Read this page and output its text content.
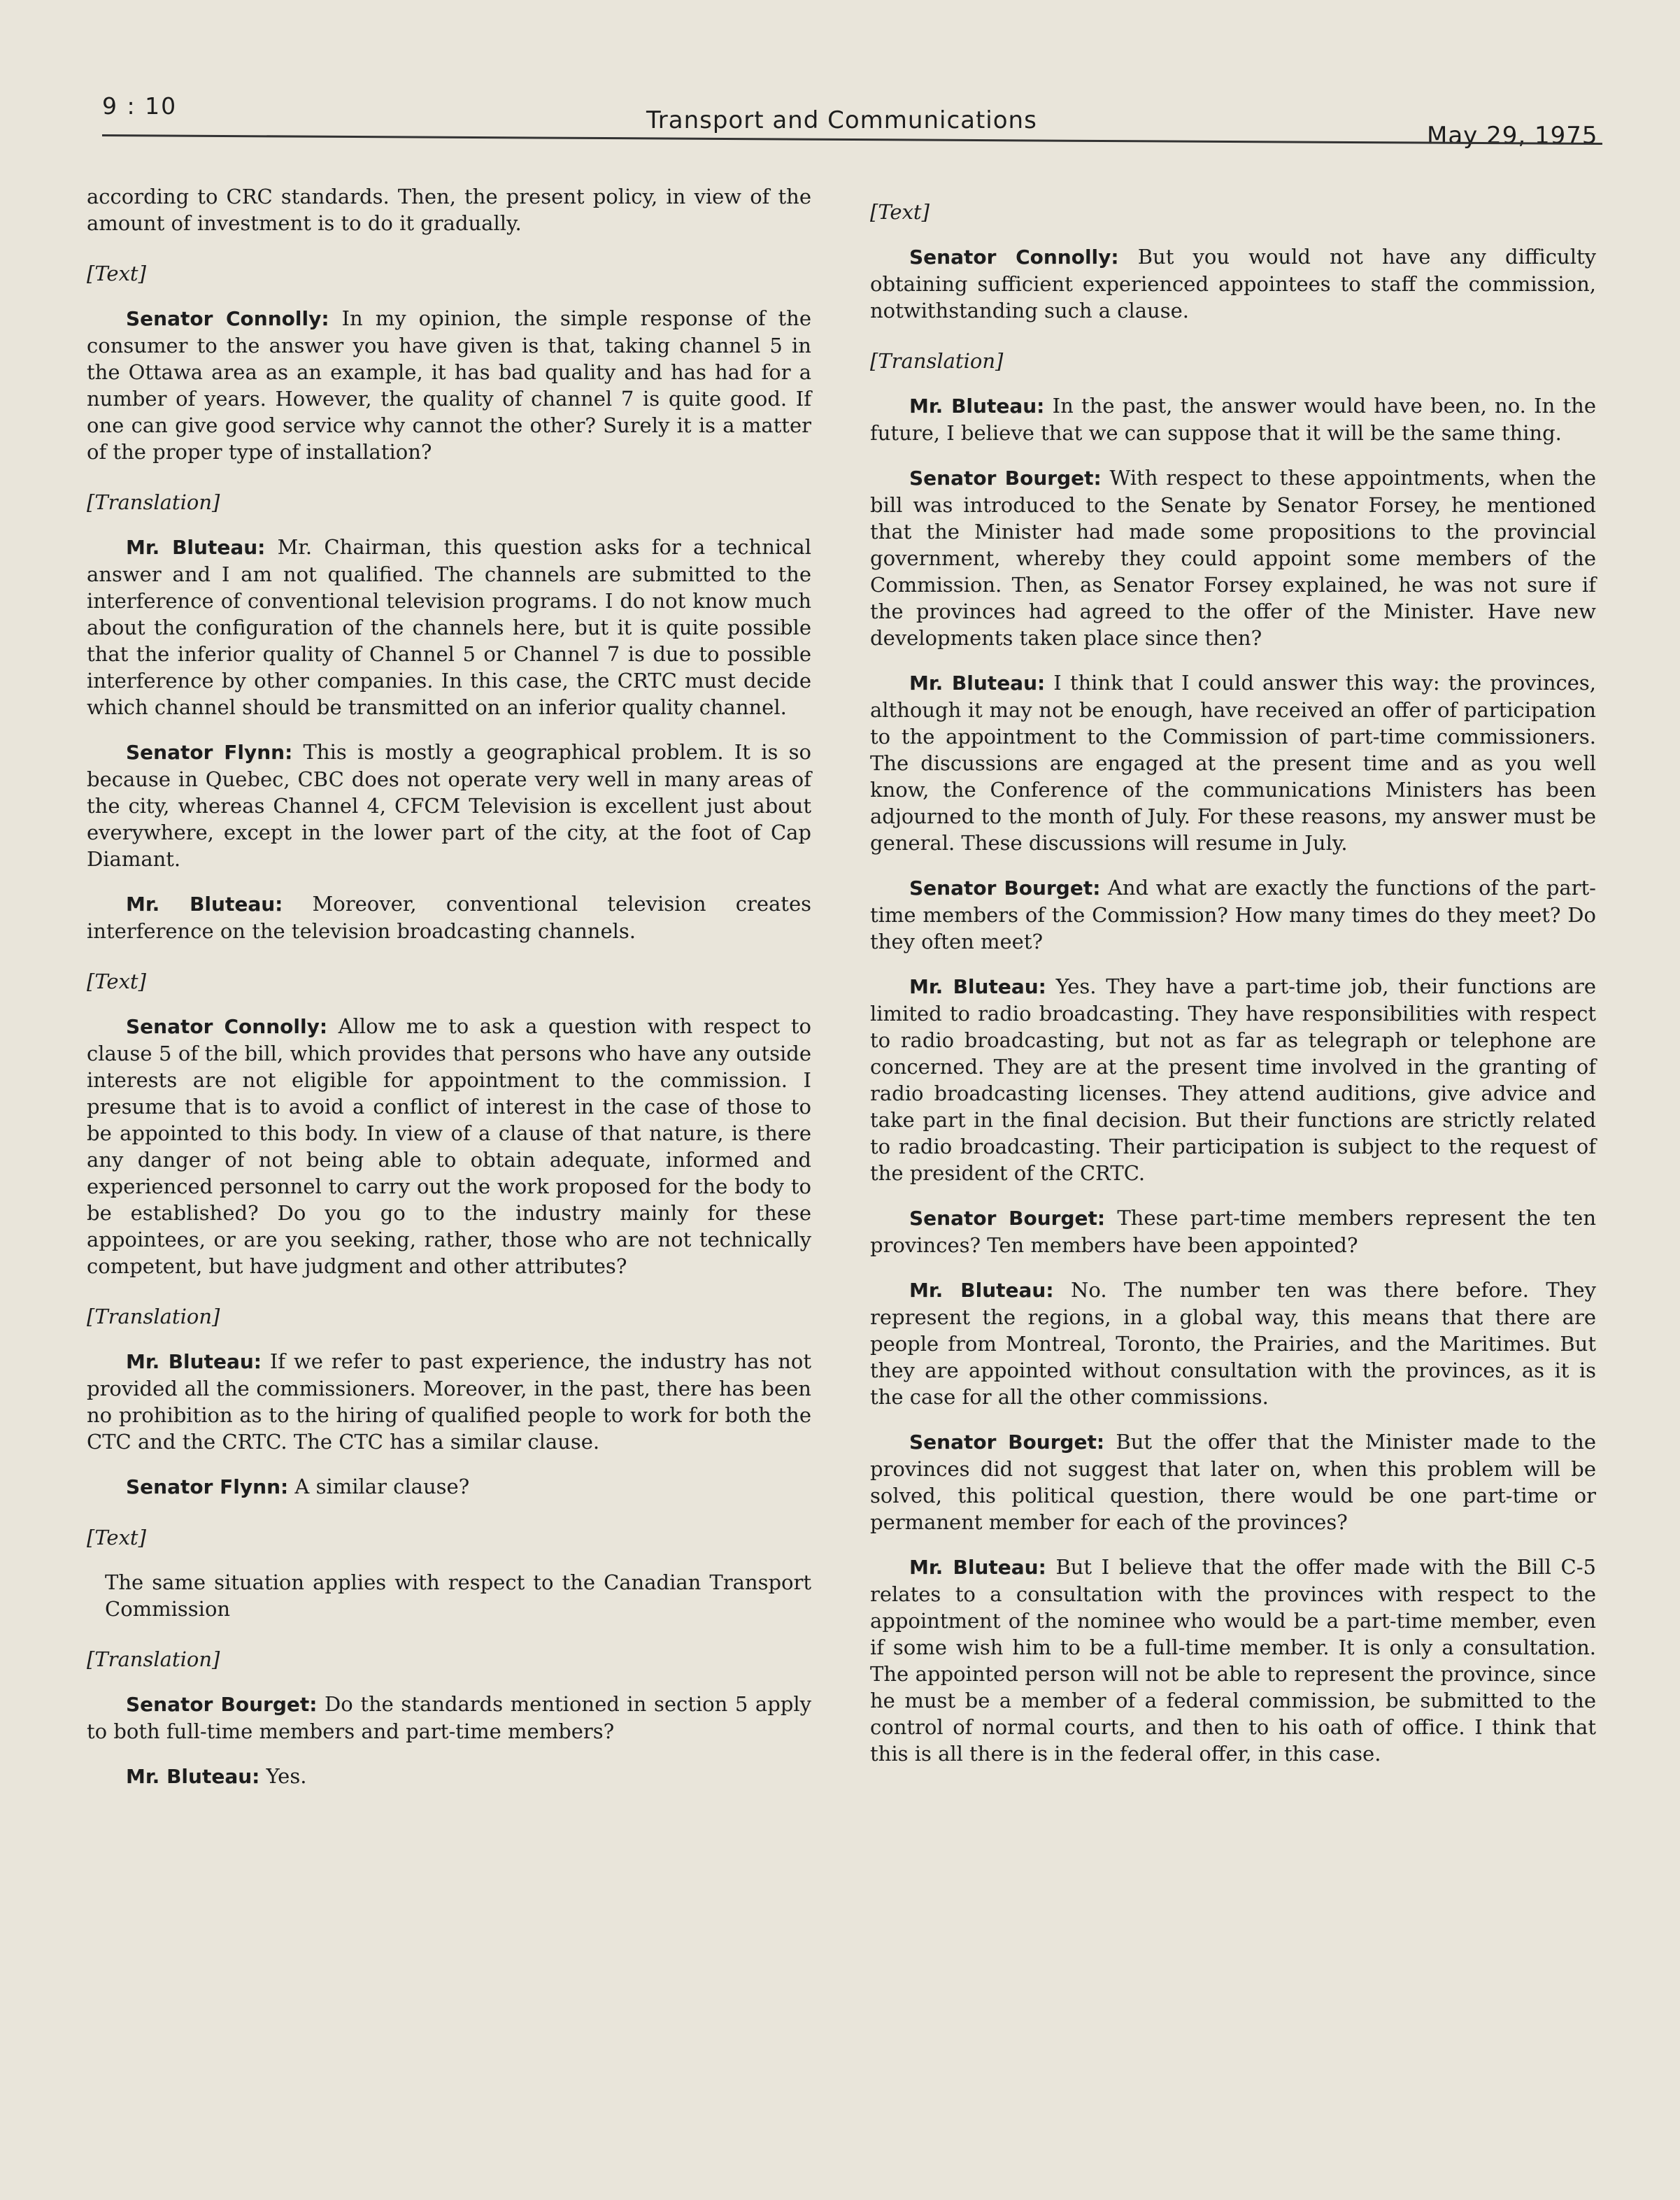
9 : 10
Transport and Communications
May 29, 1975

according to CRC standards. Then, the present policy, in view of the amount of investment is to do it gradually.

[Text]

Senator Connolly: In my opinion, the simple response of the consumer to the answer you have given is that, taking channel 5 in the Ottawa area as an example, it has bad quality and has had for a number of years. However, the quality of channel 7 is quite good. If one can give good service why cannot the other? Surely it is a matter of the proper type of installation?

[Translation]

Mr. Bluteau: Mr. Chairman, this question asks for a technical answer and I am not qualified. The channels are submitted to the interference of conventional television programs. I do not know much about the configuration of the channels here, but it is quite possible that the inferior quality of Channel 5 or Channel 7 is due to possible interference by other companies. In this case, the CRTC must decide which channel should be transmitted on an inferior quality channel.

Senator Flynn: This is mostly a geographical problem. It is so because in Quebec, CBC does not operate very well in many areas of the city, whereas Channel 4, CFCM Television is excellent just about everywhere, except in the lower part of the city, at the foot of Cap Diamant.

Mr. Bluteau: Moreover, conventional television creates interference on the television broadcasting channels.

[Text]

Senator Connolly: Allow me to ask a question with respect to clause 5 of the bill, which provides that persons who have any outside interests are not eligible for appointment to the commission. I presume that is to avoid a conflict of interest in the case of those to be appointed to this body. In view of a clause of that nature, is there any danger of not being able to obtain adequate, informed and experienced personnel to carry out the work proposed for the body to be established? Do you go to the industry mainly for these appointees, or are you seeking, rather, those who are not technically competent, but have judgment and other attributes?

[Translation]

Mr. Bluteau: If we refer to past experience, the industry has not provided all the commissioners. Moreover, in the past, there has been no prohibition as to the hiring of qualified people to work for both the CTC and the CRTC. The CTC has a similar clause.

Senator Flynn: A similar clause?

[Text]

The same situation applies with respect to the Canadian Transport Commission

[Translation]

Senator Bourget: Do the standards mentioned in section 5 apply to both full-time members and part-time members?

Mr. Bluteau: Yes.

[Text]

Senator Connolly: But you would not have any difficulty obtaining sufficient experienced appointees to staff the commission, notwithstanding such a clause.

[Translation]

Mr. Bluteau: In the past, the answer would have been, no. In the future, I believe that we can suppose that it will be the same thing.

Senator Bourget: With respect to these appointments, when the bill was introduced to the Senate by Senator Forsey, he mentioned that the Minister had made some propositions to the provincial government, whereby they could appoint some members of the Commission. Then, as Senator Forsey explained, he was not sure if the provinces had agreed to the offer of the Minister. Have new developments taken place since then?

Mr. Bluteau: I think that I could answer this way: the provinces, although it may not be enough, have received an offer of participation to the appointment to the Commission of part-time commissioners. The discussions are engaged at the present time and as you well know, the Conference of the communications Ministers has been adjourned to the month of July. For these reasons, my answer must be general. These discussions will resume in July.

Senator Bourget: And what are exactly the functions of the part-time members of the Commission? How many times do they meet? Do they often meet?

Mr. Bluteau: Yes. They have a part-time job, their functions are limited to radio broadcasting. They have responsibilities with respect to radio broadcasting, but not as far as telegraph or telephone are concerned. They are at the present time involved in the granting of radio broadcasting licenses. They attend auditions, give advice and take part in the final decision. But their functions are strictly related to radio broadcasting. Their participation is subject to the request of the president of the CRTC.

Senator Bourget: These part-time members represent the ten provinces? Ten members have been appointed?

Mr. Bluteau: No. The number ten was there before. They represent the regions, in a global way, this means that there are people from Montreal, Toronto, the Prairies, and the Maritimes. But they are appointed without consultation with the provinces, as it is the case for all the other commissions.

Senator Bourget: But the offer that the Minister made to the provinces did not suggest that later on, when this problem will be solved, this political question, there would be one part-time or permanent member for each of the provinces?

Mr. Bluteau: But I believe that the offer made with the Bill C-5 relates to a consultation with the provinces with respect to the appointment of the nominee who would be a part-time member, even if some wish him to be a full-time member. It is only a consultation. The appointed person will not be able to represent the province, since he must be a member of a federal commission, be submitted to the control of normal courts, and then to his oath of office. I think that this is all there is in the federal offer, in this case.
